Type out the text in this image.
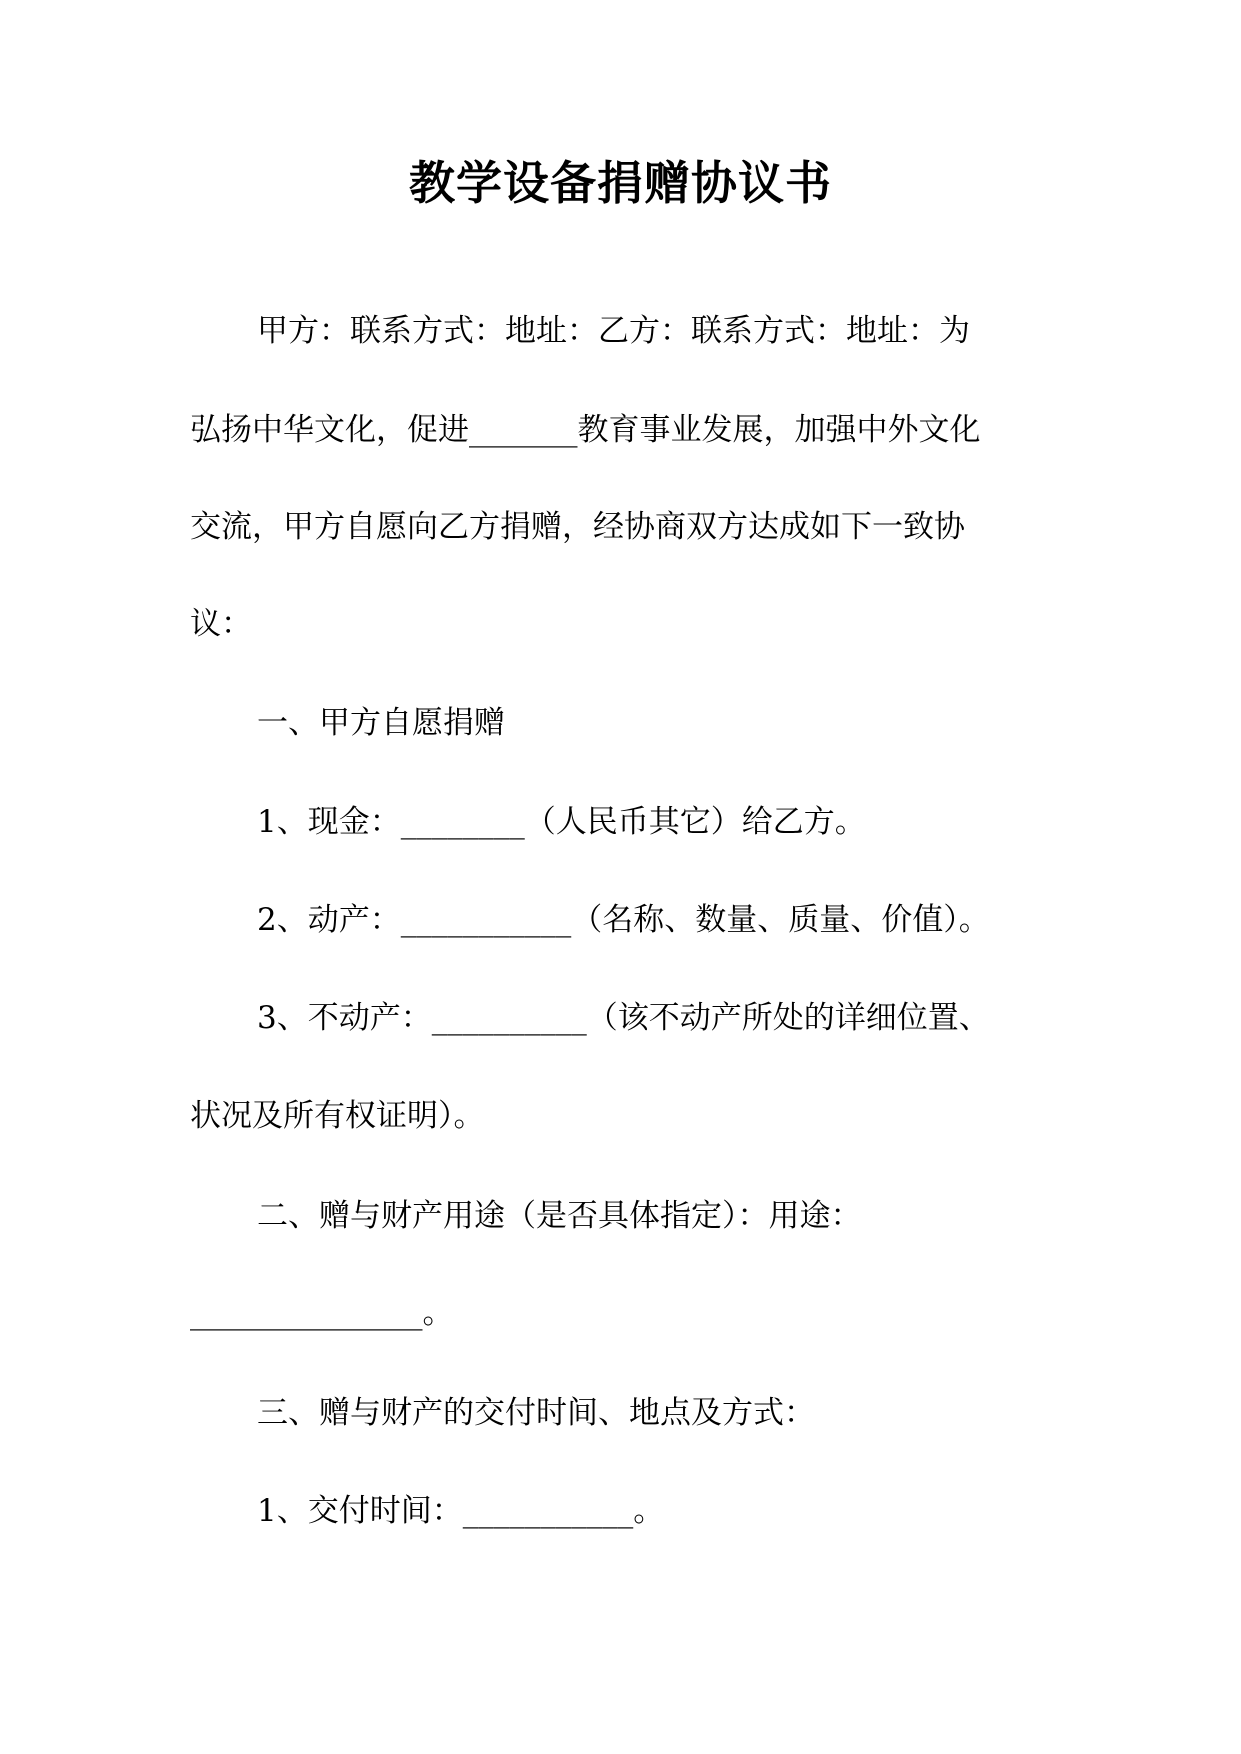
教学设备捐赠协议书
甲方：联系方式：地址：乙方：联系方式：地址：为
弘扬中华文化，促进_______教育事业发展，加强中外文化
交流，甲方自愿向乙方捐赠，经协商双方达成如下一致协
议：
一、甲方自愿捐赠
1、现金：________（人民币其它）给乙方。
2、动产：___________（名称、数量、质量、价值）。
3、不动产：__________（该不动产所处的详细位置、
状况及所有权证明）。
二、赠与财产用途（是否具体指定）：用途：
_______________。
三、赠与财产的交付时间、地点及方式：
1、交付时间：___________。
